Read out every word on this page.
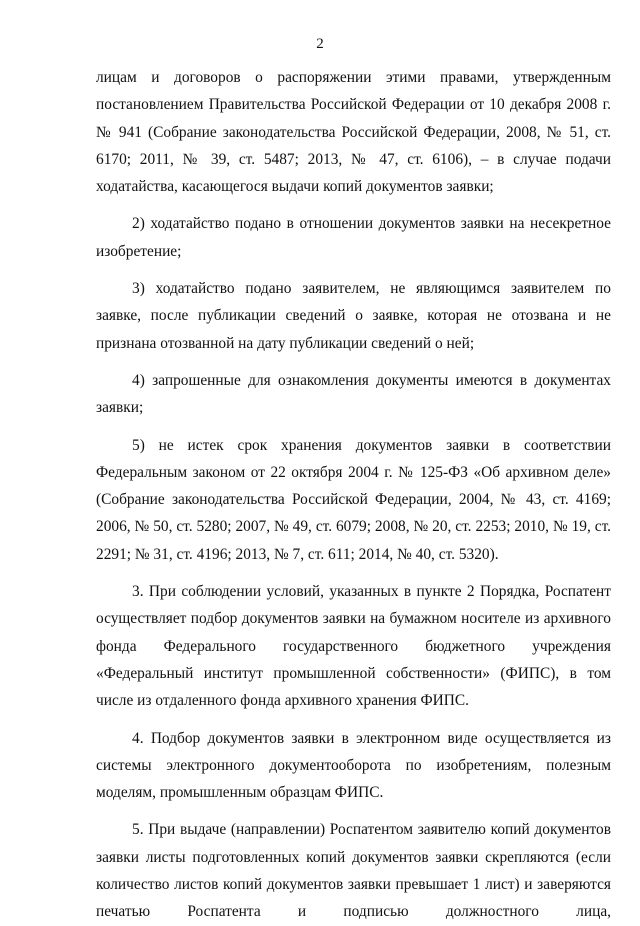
2

лицам и договоров о распоряжении этими правами, утвержденным постановлением Правительства Российской Федерации от 10 декабря 2008 г. № 941 (Собрание законодательства Российской Федерации, 2008, № 51, ст. 6170; 2011, № 39, ст. 5487; 2013, № 47, ст. 6106), – в случае подачи ходатайства, касающегося выдачи копий документов заявки;

2) ходатайство подано в отношении документов заявки на несекретное изобретение;

3) ходатайство подано заявителем, не являющимся заявителем по заявке, после публикации сведений о заявке, которая не отозвана и не признана отозванной на дату публикации сведений о ней;

4) запрошенные для ознакомления документы имеются в документах заявки;

5) не истек срок хранения документов заявки в соответствии Федеральным законом от 22 октября 2004 г. № 125-ФЗ «Об архивном деле» (Собрание законодательства Российской Федерации, 2004, № 43, ст. 4169; 2006, № 50, ст. 5280; 2007, № 49, ст. 6079; 2008, № 20, ст. 2253; 2010, № 19, ст. 2291; № 31, ст. 4196; 2013, № 7, ст. 611; 2014, № 40, ст. 5320).

3. При соблюдении условий, указанных в пункте 2 Порядка, Роспатент осуществляет подбор документов заявки на бумажном носителе из архивного фонда Федерального государственного бюджетного учреждения «Федеральный институт промышленной собственности» (ФИПС), в том числе из отдаленного фонда архивного хранения ФИПС.

4. Подбор документов заявки в электронном виде осуществляется из системы электронного документооборота по изобретениям, полезным моделям, промышленным образцам ФИПС.

5. При выдаче (направлении) Роспатентом заявителю копий документов заявки листы подготовленных копий документов заявки скрепляются (если количество листов копий документов заявки превышает 1 лист) и заверяются печатью Роспатента и подписью должностного лица,
